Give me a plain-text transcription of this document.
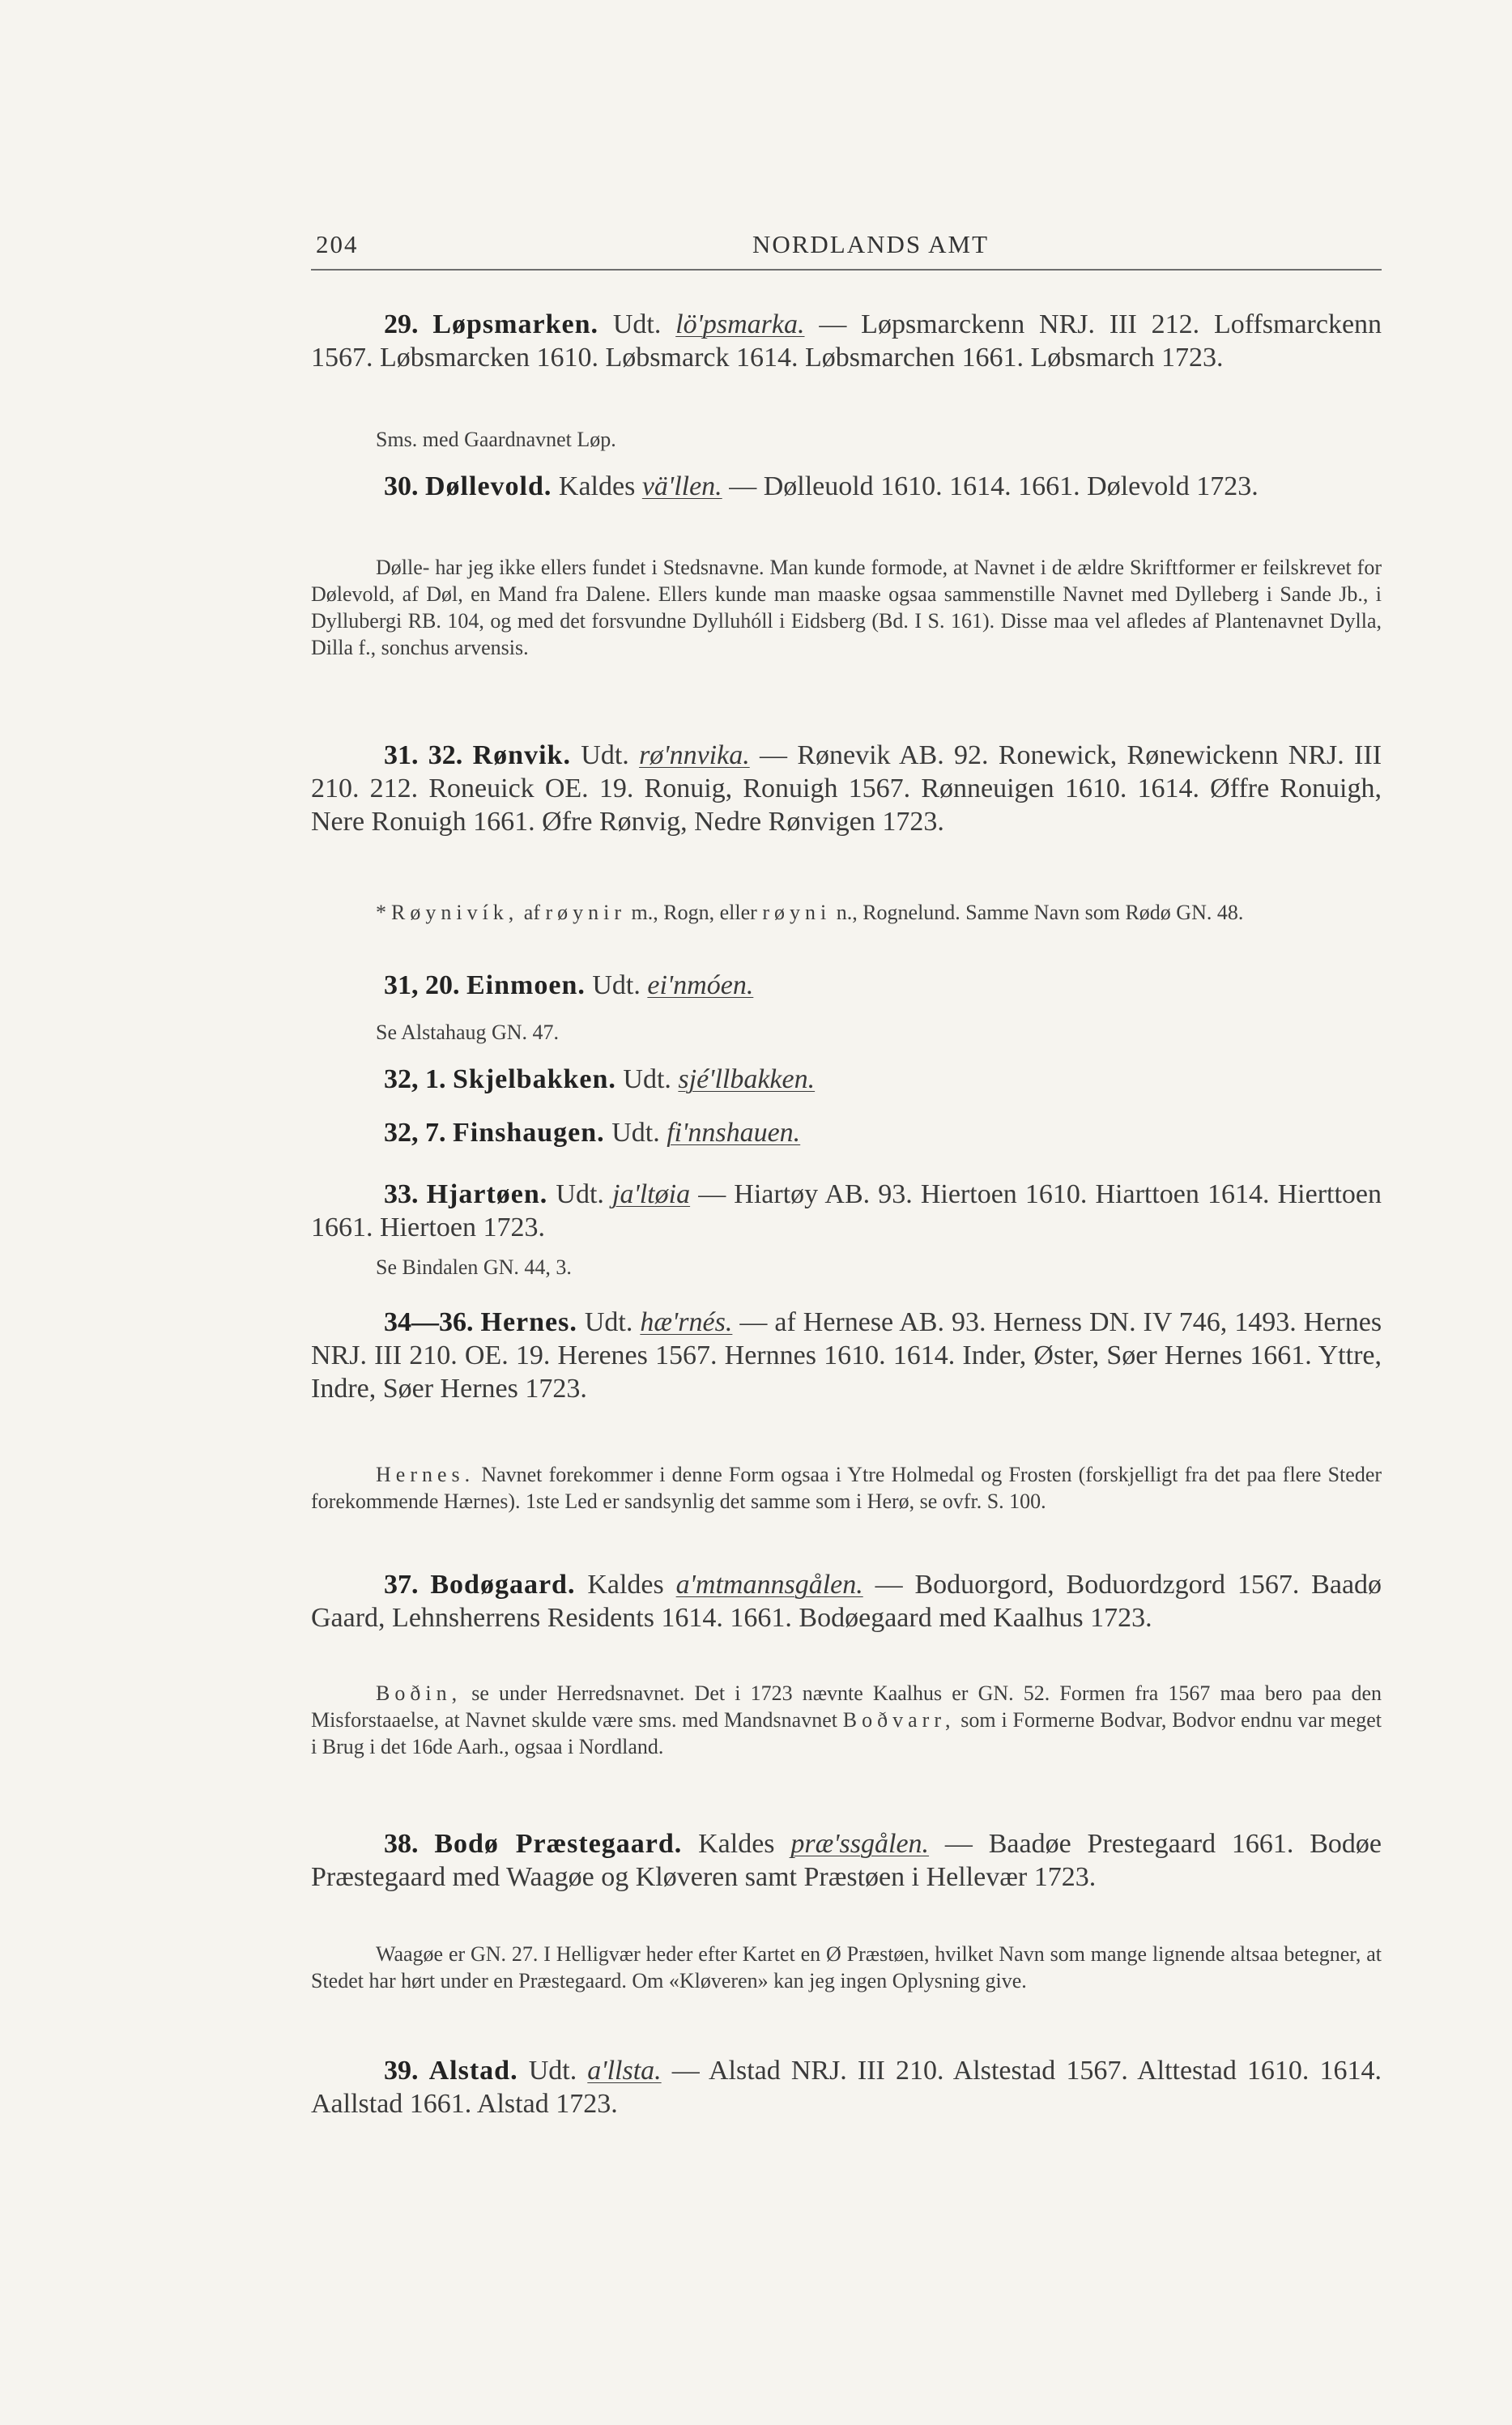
204	NORDLANDS AMT

29. Løpsmarken. Udt. lö'psmarka. — Løpsmarckenn NRJ. III 212. Loffsmarckenn 1567. Løbsmarcken 1610. Løbsmarck 1614. Løbsmarchen 1661. Løbsmarch 1723.

Sms. med Gaardnavnet Løp.

30. Døllevold. Kaldes vä'llen. — Dølleuold 1610. 1614. 1661. Dølevold 1723.

Dølle- har jeg ikke ellers fundet i Stedsnavne. Man kunde formode, at Navnet i de ældre Skriftformer er feilskrevet for Dølevold, af Døl, en Mand fra Dalene. Ellers kunde man maaske ogsaa sammenstille Navnet med Dylleberg i Sande Jb., i Dyllubergi RB. 104, og med det forsvundne Dylluhóll i Eidsberg (Bd. I S. 161). Disse maa vel afledes af Plantenavnet Dylla, Dilla f., sonchus arvensis.

31. 32. Rønvik. Udt. rø'nnvika. — Rønevik AB. 92. Ronewick, Rønewickenn NRJ. III 210. 212. Roneuick OE. 19. Ronuig, Ronuigh 1567. Rønneuigen 1610. 1614. Øffre Ronuigh, Nere Ronuigh 1661. Øfre Rønvig, Nedre Rønvigen 1723.

*Røynivík, af røynir m., Rogn, eller røyni n., Rognelund. Samme Navn som Rødø GN. 48.

31, 20. Einmoen. Udt. ei'nmóen.

Se Alstahaug GN. 47.

32, 1. Skjelbakken. Udt. sjé'llbakken.

32, 7. Finshaugen. Udt. fi'nnshauen.

33. Hjartøen. Udt. ja'ltøia — Hiartøy AB. 93. Hiertoen 1610. Hiarttoen 1614. Hierttoen 1661. Hiertoen 1723.

Se Bindalen GN. 44, 3.

34—36. Hernes. Udt. hæ'rnés. — af Hernese AB. 93. Herness DN. IV 746, 1493. Hernes NRJ. III 210. OE. 19. Herenes 1567. Hernnes 1610. 1614. Inder, Øster, Søer Hernes 1661. Yttre, Indre, Søer Hernes 1723.

Hernes. Navnet forekommer i denne Form ogsaa i Ytre Holmedal og Frosten (forskjelligt fra det paa flere Steder forekommende Hærnes). 1ste Led er sandsynlig det samme som i Herø, se ovfr. S. 100.

37. Bodøgaard. Kaldes a'mtmannsgålen. — Boduorgord, Boduordzgord 1567. Baadø Gaard, Lehnsherrens Residents 1614. 1661. Bodøegaard med Kaalhus 1723.

Boðin, se under Herredsnavnet. Det i 1723 nævnte Kaalhus er GN. 52. Formen fra 1567 maa bero paa den Misforstaaelse, at Navnet skulde være sms. med Mandsnavnet Boðvarr, som i Formerne Bodvar, Bodvor endnu var meget i Brug i det 16de Aarh., ogsaa i Nordland.

38. Bodø Præstegaard. Kaldes præ'ssgålen. — Baadøe Prestegaard 1661. Bodøe Præstegaard med Waagøe og Kløveren samt Præstøen i Hellevær 1723.

Waagøe er GN. 27. I Helligvær heder efter Kartet en Ø Præstøen, hvilket Navn som mange lignende altsaa betegner, at Stedet har hørt under en Præstegaard. Om «Kløveren» kan jeg ingen Oplysning give.

39. Alstad. Udt. a'llsta. — Alstad NRJ. III 210. Alstestad 1567. Alttestad 1610. 1614. Aallstad 1661. Alstad 1723.
